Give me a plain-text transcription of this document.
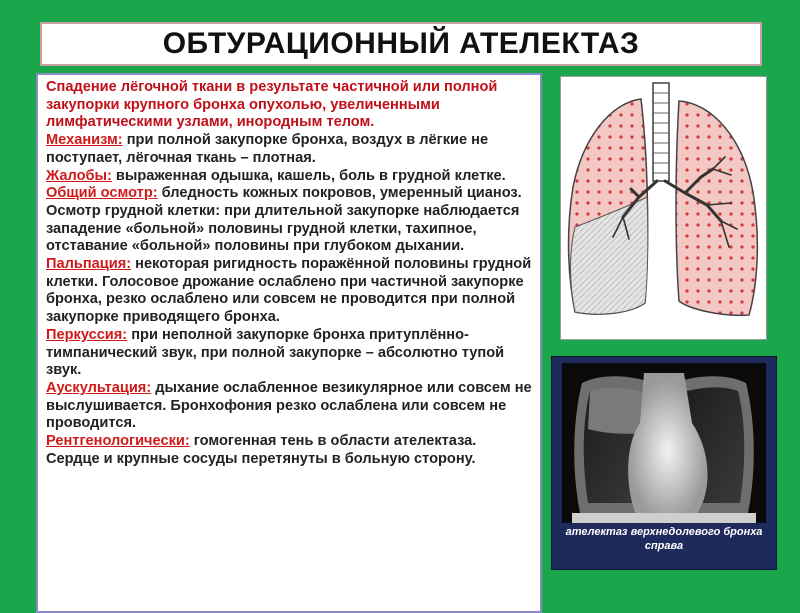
ОБТУРАЦИОННЫЙ АТЕЛЕКТАЗ

Спадение лёгочной ткани в результате частичной или полной закупорки крупного бронха опухолью, увеличенными лимфатическими узлами, инородным телом.

Механизм: при полной закупорке бронха, воздух в лёгкие не поступает, лёгочная ткань – плотная.

Жалобы: выраженная одышка, кашель, боль в грудной клетке.

Общий осмотр: бледность кожных покровов, умеренный цианоз.

Осмотр грудной клетки: при длительной закупорке наблюдается западение «больной» половины грудной клетки, тахипное, отставание «больной» половины при глубоком дыхании.

Пальпация: некоторая ригидность поражённой половины грудной клетки. Голосовое дрожание ослаблено при частичной закупорке бронха, резко ослаблено или совсем не проводится при полной закупорке приводящего бронха.

Перкуссия: при неполной закупорке бронха притуплённо-тимпанический звук, при полной закупорке – абсолютно тупой звук.

Аускультация: дыхание ослабленное везикулярное или совсем не выслушивается. Бронхофония резко ослаблена или совсем не проводится.

Рентгенологически: гомогенная тень в области ателектаза. Сердце и крупные сосуды перетянуты в больную сторону.

ателектаз верхнедолевого бронха справа
